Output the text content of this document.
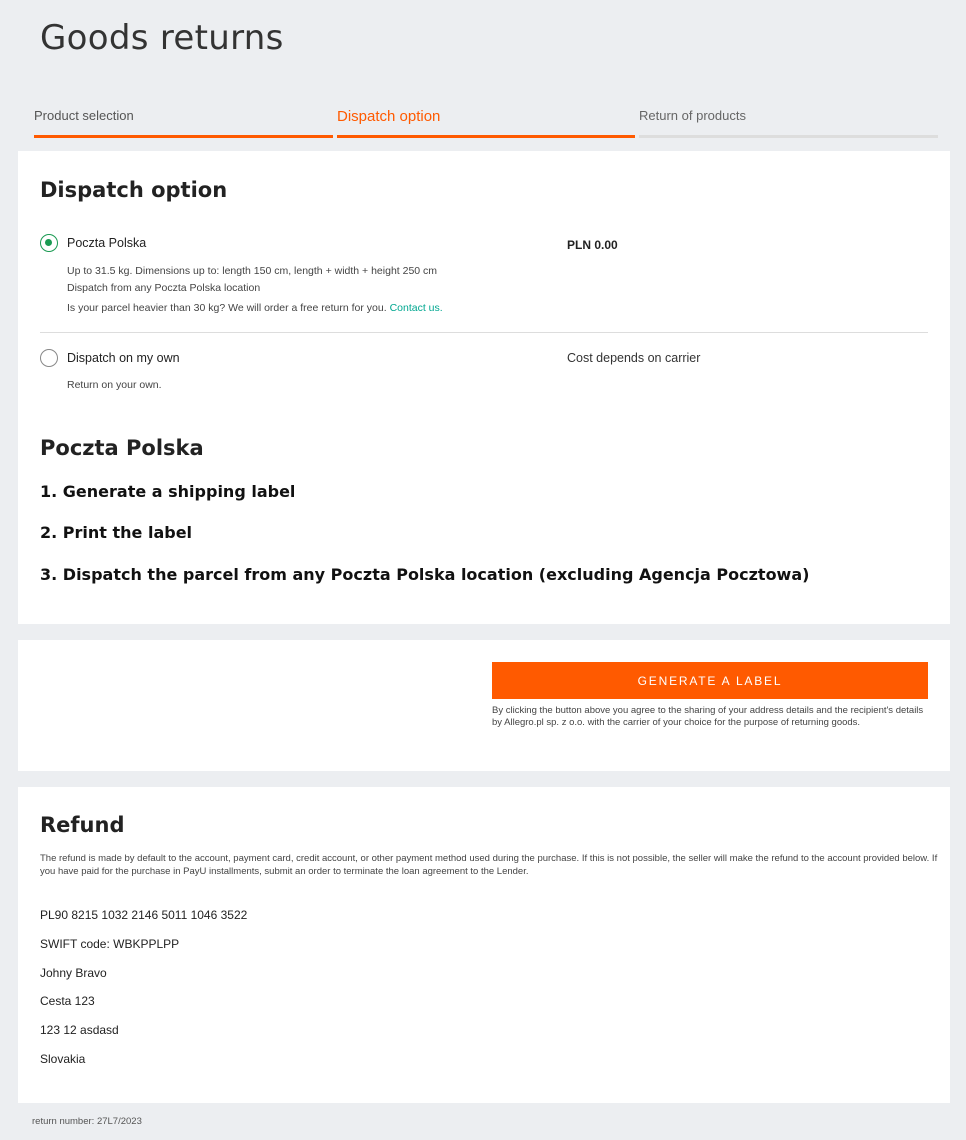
Goods returns
Product selection	Dispatch option	Return of products
Dispatch option
Poczta Polska
Up to 31.5 kg. Dimensions up to: length 150 cm, length + width + height 250 cm
Dispatch from any Poczta Polska location
Is your parcel heavier than 30 kg? We will order a free return for you. Contact us.
PLN 0.00
Dispatch on my own
Return on your own.
Cost depends on carrier
Poczta Polska
1. Generate a shipping label
2. Print the label
3. Dispatch the parcel from any Poczta Polska location (excluding Agencja Pocztowa)
GENERATE A LABEL

By clicking the button above you agree to the sharing of your address details and the recipient's details by Allegro.pl sp. z o.o. with the carrier of your choice for the purpose of returning goods.

Refund

The refund is made by default to the account, payment card, credit account, or other payment method used during the purchase. If this is not possible, the seller will make the refund to the account provided below. If you have paid for the purchase in PayU installments, submit an order to terminate the loan agreement to the Lender.

PL90 8215 1032 2146 5011 1046 3522
SWIFT code: WBKPPLPP
Johny Bravo
Cesta 123
123 12 asdasd
Slovakia
return number: 27L7/2023
